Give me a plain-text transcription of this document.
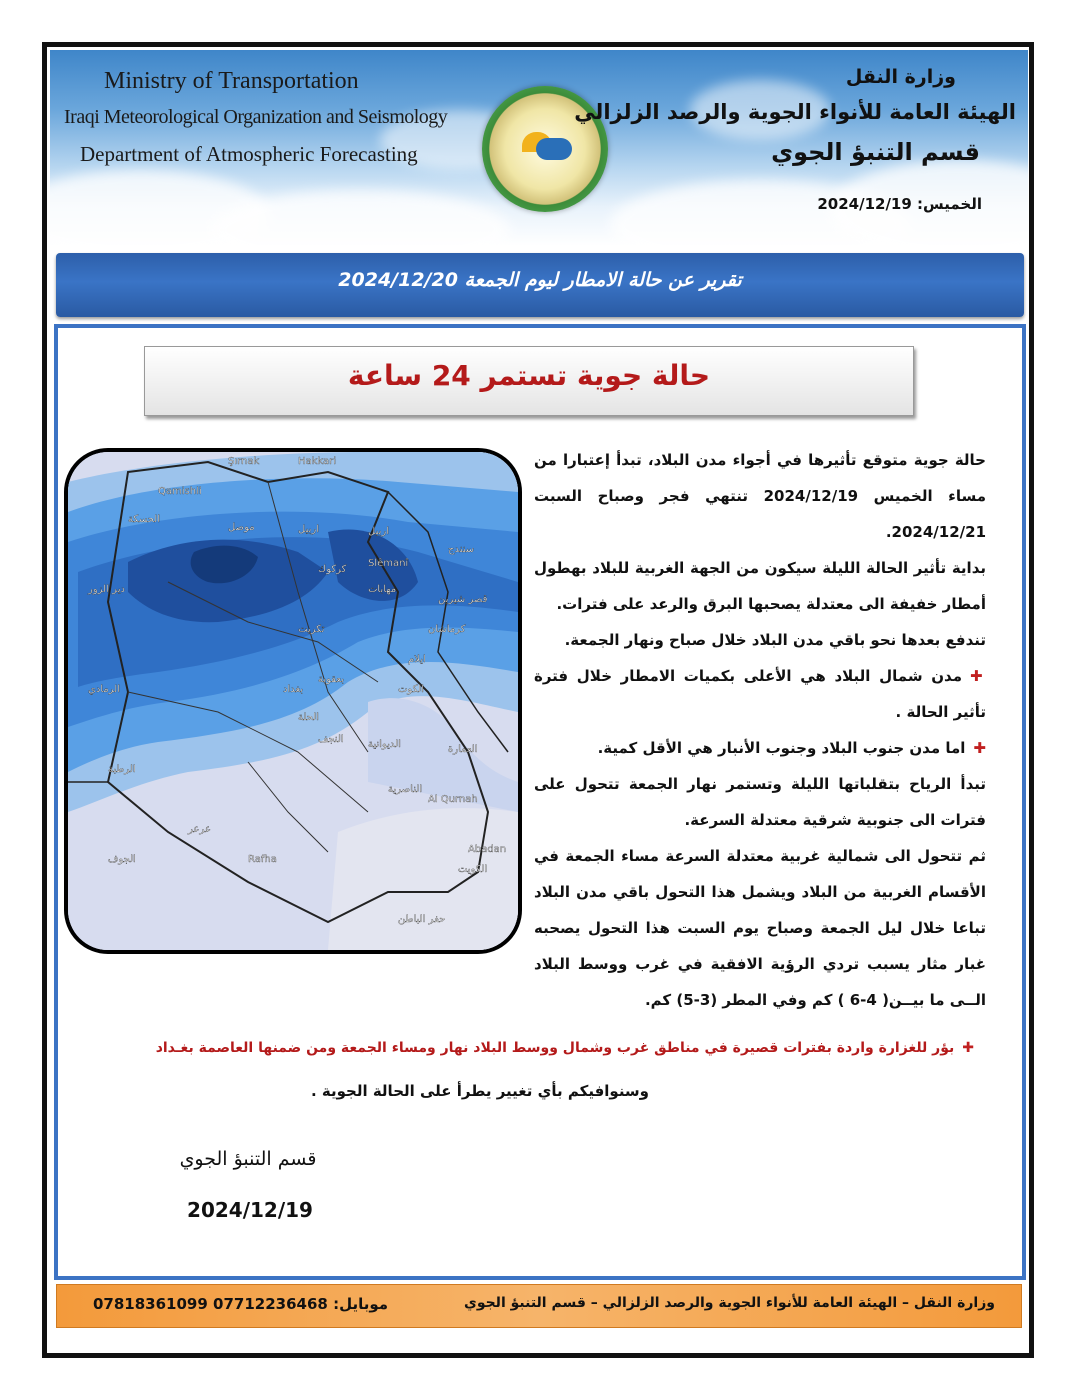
Ministry of Transportation
Iraqi Meteorological Organization and Seismology
Department of Atmospheric Forecasting
وزارة النقل
الهيئة العامة للأنواء الجوية والرصد الزلزالي
قسم التنبؤ الجوي
الخميس: 2024/12/19
تقرير عن حالة الامطار ليوم الجمعة 2024/12/20
حالة جوية تستمر 24 ساعة
Şırnak	Hakkari
Qamishli
الحسكة
موصل	اربيل	اربيل
Slêmanî
كركوك
مهابات
دير الزور
تكريت
بعقوبة
بغداد
الرمادي
الرطبة
الحلة
الكوت
النجف الديوانية
الناصرية
العمارة
Al Qurnah
Abadan
الكويت
Rafha
عرعر
الجوف
حفر الباطن
كرماشان
ايلام
سنندج
قصر شيرين

حالة جوية متوقع تأثيرها في أجواء مدن البلاد، تبدأ إعتبارا من مساء الخميس 2024/12/19 تنتهي فجر وصباح السبت 2024/12/21.

بداية تأثير الحالة الليلة سيكون من الجهة الغربية للبلاد بهطول أمطار خفيفة الى معتدلة يصحبها البرق والرعد على فترات.

تندفع بعدها نحو باقي مدن البلاد خلال صباح ونهار الجمعة.

✚مدن شمال البلاد هي الأعلى بكميات الامطار خلال فترة تأثير الحالة .

✚اما مدن جنوب البلاد وجنوب الأنبار هي الأقل كمية.

تبدأ الرياح بتقلباتها الليلة وتستمر نهار الجمعة تتحول على فترات الى جنوبية شرقية معتدلة السرعة.

ثم تتحول الى شمالية غربية معتدلة السرعة مساء الجمعة في الأقسام الغربية من البلاد ويشمل هذا التحول باقي مدن البلاد تباعا خلال ليل الجمعة وصباح يوم السبت هذا التحول يصحبه غبار مثار يسبب تردي الرؤية الافقية في غرب ووسط البلاد الــى ما بيــن( 4-6 ) كم وفي المطر (3-5) كم.

✚بؤر للغزارة واردة بفترات قصيرة في مناطق غرب وشمال ووسط البلاد نهار ومساء الجمعة ومن ضمنها العاصمة بغـداد
وسنوافيكم بأي تغيير يطرأ على الحالة الجوية .
قسم التنبؤ الجوي
2024/12/19
وزارة النقل – الهيئة العامة للأنواء الجوية والرصد الزلزالي – قسم التنبؤ الجوي
موبايل: 07712236468 07818361099
